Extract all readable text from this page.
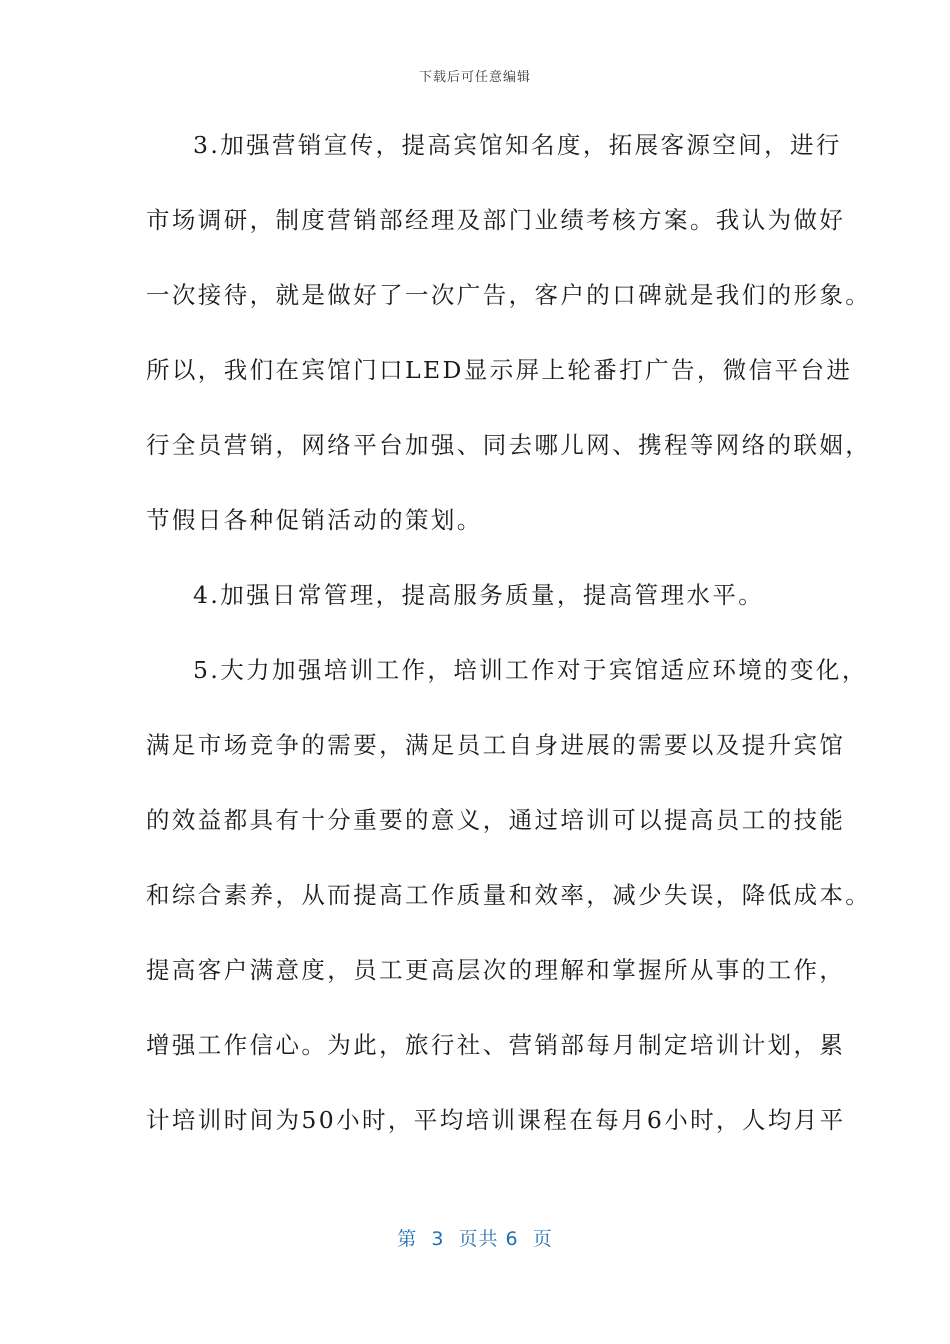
下载后可任意编辑
3.加强营销宣传，提高宾馆知名度，拓展客源空间，进行
市场调研，制度营销部经理及部门业绩考核方案。我认为做好
一次接待，就是做好了一次广告，客户的口碑就是我们的形象。
所以，我们在宾馆门口LED显示屏上轮番打广告，微信平台进
行全员营销，网络平台加强、同去哪儿网、携程等网络的联姻，
节假日各种促销活动的策划。
4.加强日常管理，提高服务质量，提高管理水平。
5.大力加强培训工作，培训工作对于宾馆适应环境的变化，
满足市场竞争的需要，满足员工自身进展的需要以及提升宾馆
的效益都具有十分重要的意义，通过培训可以提高员工的技能
和综合素养，从而提高工作质量和效率，减少失误，降低成本。
提高客户满意度，员工更高层次的理解和掌握所从事的工作，
增强工作信心。为此，旅行社、营销部每月制定培训计划，累
计培训时间为50小时，平均培训课程在每月6小时，人均月平
第  3  页共 6  页
